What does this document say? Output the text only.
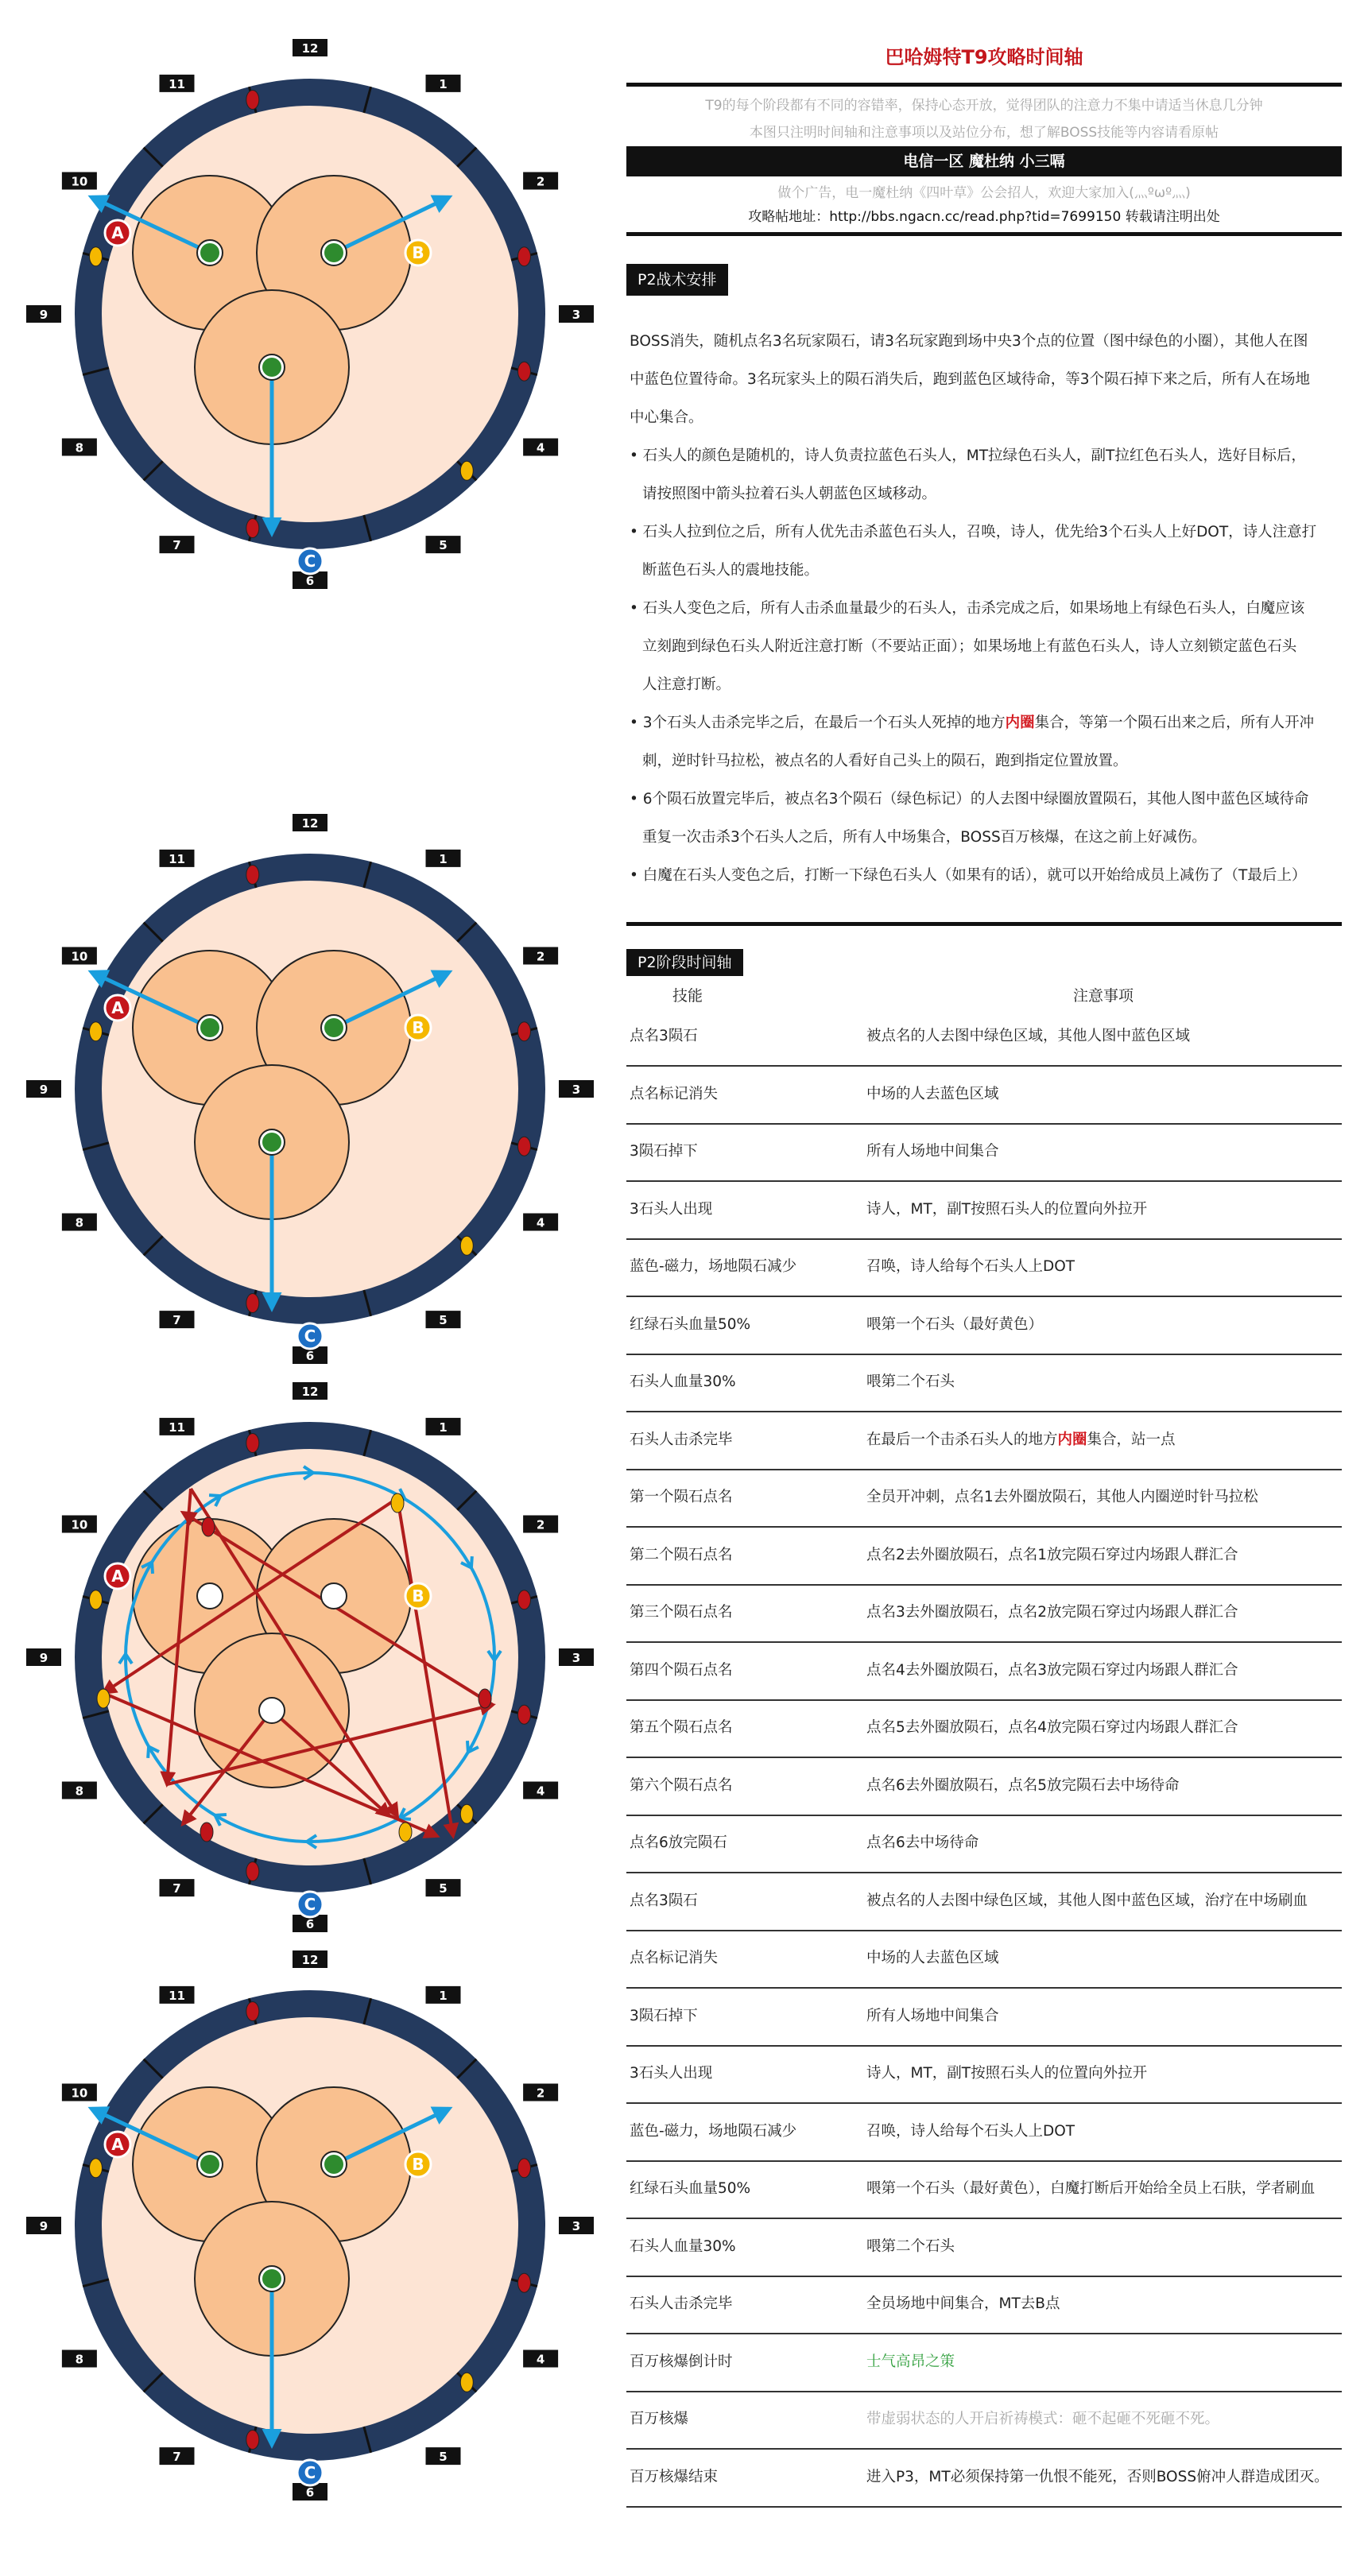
12
1
2
3
4
5
6
7
8
9
10
11
A
B
C
12
1
2
3
4
5
6
7
8
9
10
11
A
B
C
12
1
2
3
4
5
6
7
8
9
10
11
A
B
C
12
1
2
3
4
5
6
7
8
9
10
11
A
B
C
巴哈姆特T9攻略时间轴
T9的每个阶段都有不同的容错率，保持心态开放，觉得团队的注意力不集中请适当休息几分钟
本图只注明时间轴和注意事项以及站位分布，想了解BOSS技能等内容请看原帖
电信一区 魔杜纳 小三嗝
做个广告，电一魔杜纳《四叶草》公会招人，欢迎大家加入(灬ºωº灬)
攻略帖地址：http://bbs.ngacn.cc/read.php?tid=7699150 转载请注明出处
P2战术安排
BOSS消失，随机点名3名玩家陨石，请3名玩家跑到场中央3个点的位置（图中绿色的小圈），其他人在图
中蓝色位置待命。3名玩家头上的陨石消失后，跑到蓝色区域待命，等3个陨石掉下来之后，所有人在场地
中心集合。
• 石头人的颜色是随机的，诗人负责拉蓝色石头人，MT拉绿色石头人，副T拉红色石头人，选好目标后，
请按照图中箭头拉着石头人朝蓝色区域移动。
• 石头人拉到位之后，所有人优先击杀蓝色石头人，召唤，诗人，优先给3个石头人上好DOT，诗人注意打
断蓝色石头人的震地技能。
• 石头人变色之后，所有人击杀血量最少的石头人，击杀完成之后，如果场地上有绿色石头人，白魔应该
立刻跑到绿色石头人附近注意打断（不要站正面）；如果场地上有蓝色石头人，诗人立刻锁定蓝色石头
人注意打断。
• 3个石头人击杀完毕之后，在最后一个石头人死掉的地方内圈集合，等第一个陨石出来之后，所有人开冲
刺，逆时针马拉松，被点名的人看好自己头上的陨石，跑到指定位置放置。
• 6个陨石放置完毕后，被点名3个陨石（绿色标记）的人去图中绿圈放置陨石，其他人图中蓝色区域待命
重复一次击杀3个石头人之后，所有人中场集合，BOSS百万核爆，在这之前上好减伤。
• 白魔在石头人变色之后，打断一下绿色石头人（如果有的话），就可以开始给成员上减伤了（T最后上）
P2阶段时间轴
技能	注意事项
点名3陨石	被点名的人去图中绿色区域，其他人图中蓝色区域
点名标记消失	中场的人去蓝色区域
3陨石掉下	所有人场地中间集合
3石头人出现	诗人，MT，副T按照石头人的位置向外拉开
蓝色-磁力，场地陨石减少	召唤，诗人给每个石头人上DOT
红绿石头血量50%	喂第一个石头（最好黄色）
石头人血量30%	喂第二个石头
石头人击杀完毕	在最后一个击杀石头人的地方内圈集合，站一点
第一个陨石点名	全员开冲刺，点名1去外圈放陨石，其他人内圈逆时针马拉松
第二个陨石点名	点名2去外圈放陨石，点名1放完陨石穿过内场跟人群汇合
第三个陨石点名	点名3去外圈放陨石，点名2放完陨石穿过内场跟人群汇合
第四个陨石点名	点名4去外圈放陨石，点名3放完陨石穿过内场跟人群汇合
第五个陨石点名	点名5去外圈放陨石，点名4放完陨石穿过内场跟人群汇合
第六个陨石点名	点名6去外圈放陨石，点名5放完陨石去中场待命
点名6放完陨石	点名6去中场待命
点名3陨石	被点名的人去图中绿色区域，其他人图中蓝色区域，治疗在中场刷血
点名标记消失	中场的人去蓝色区域
3陨石掉下	所有人场地中间集合
3石头人出现	诗人，MT，副T按照石头人的位置向外拉开
蓝色-磁力，场地陨石减少	召唤，诗人给每个石头人上DOT
红绿石头血量50%	喂第一个石头（最好黄色），白魔打断后开始给全员上石肤，学者刷血
石头人血量30%	喂第二个石头
石头人击杀完毕	全员场地中间集合，MT去B点
百万核爆倒计时	士气高昂之策
百万核爆	带虚弱状态的人开启祈祷模式：砸不起砸不死砸不死。
百万核爆结束	进入P3，MT必须保持第一仇恨不能死，否则BOSS俯冲人群造成团灭。
